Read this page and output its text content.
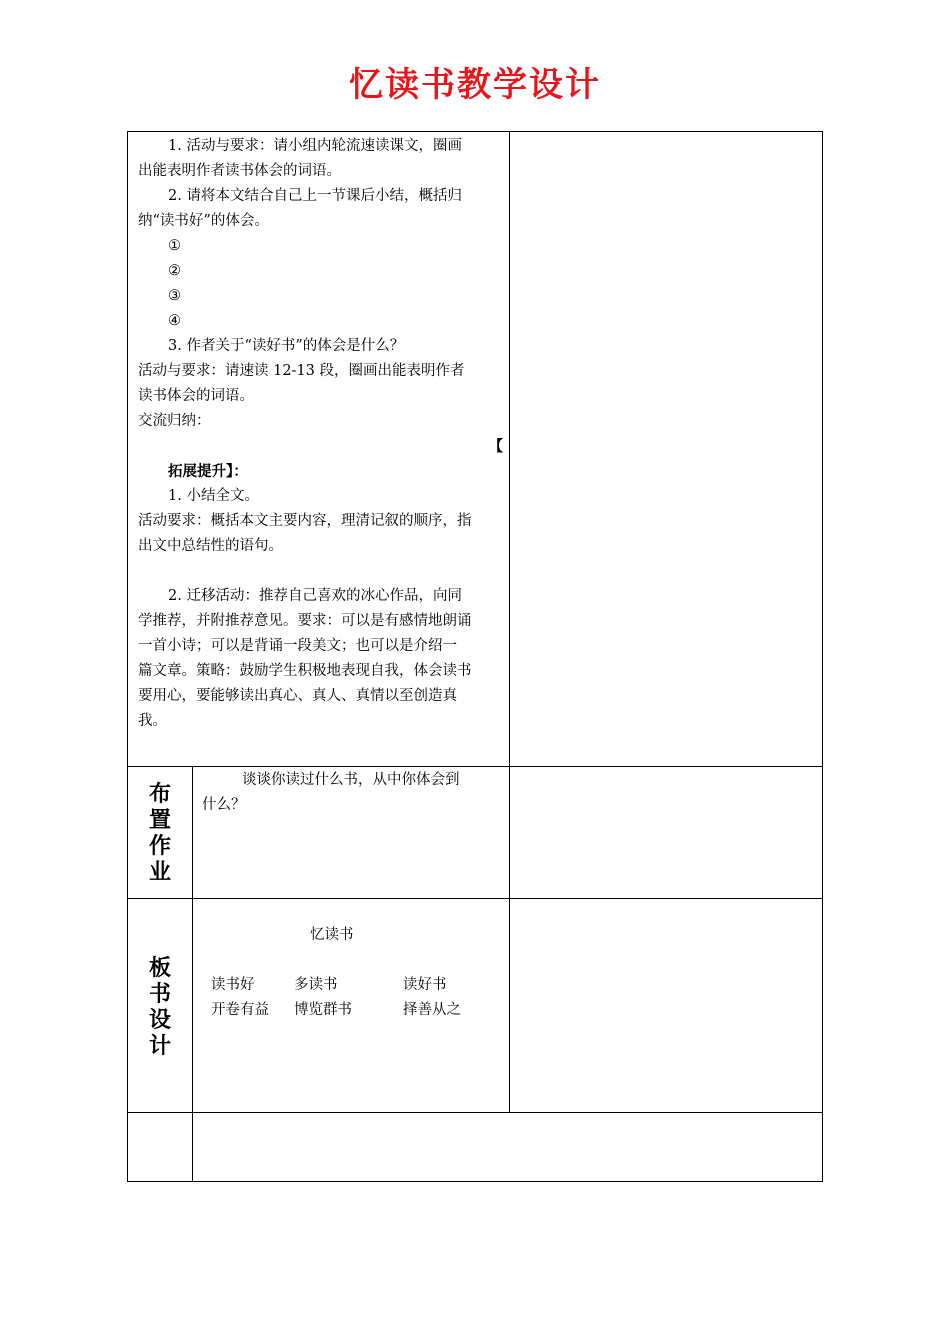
忆读书教学设计
1. 活动与要求：请小组内轮流速读课文，圈画
出能表明作者读书体会的词语。
2. 请将本文结合自己上一节课后小结，概括归
纳“读书好”的体会。
①
②
③
④
3. 作者关于“读好书”的体会是什么？
活动与要求：请速读 12-13 段，圈画出能表明作者
读书体会的词语。
交流归纳：
【
拓展提升】：
1. 小结全文。
活动要求：概括本文主要内容，理清记叙的顺序，指
出文中总结性的语句。
2. 迁移活动：推荐自己喜欢的冰心作品，向同
学推荐，并附推荐意见。要求：可以是有感情地朗诵
一首小诗；可以是背诵一段美文；也可以是介绍一
篇文章。策略：鼓励学生积极地表现自我，体会读书
要用心，要能够读出真心、真人、真情以至创造真
我。
布
置
作
业
谈谈你读过什么书，从中你体会到
什么？
板
书
设
计
忆读书
读书好
开卷有益
多读书
博览群书
读好书
择善从之
